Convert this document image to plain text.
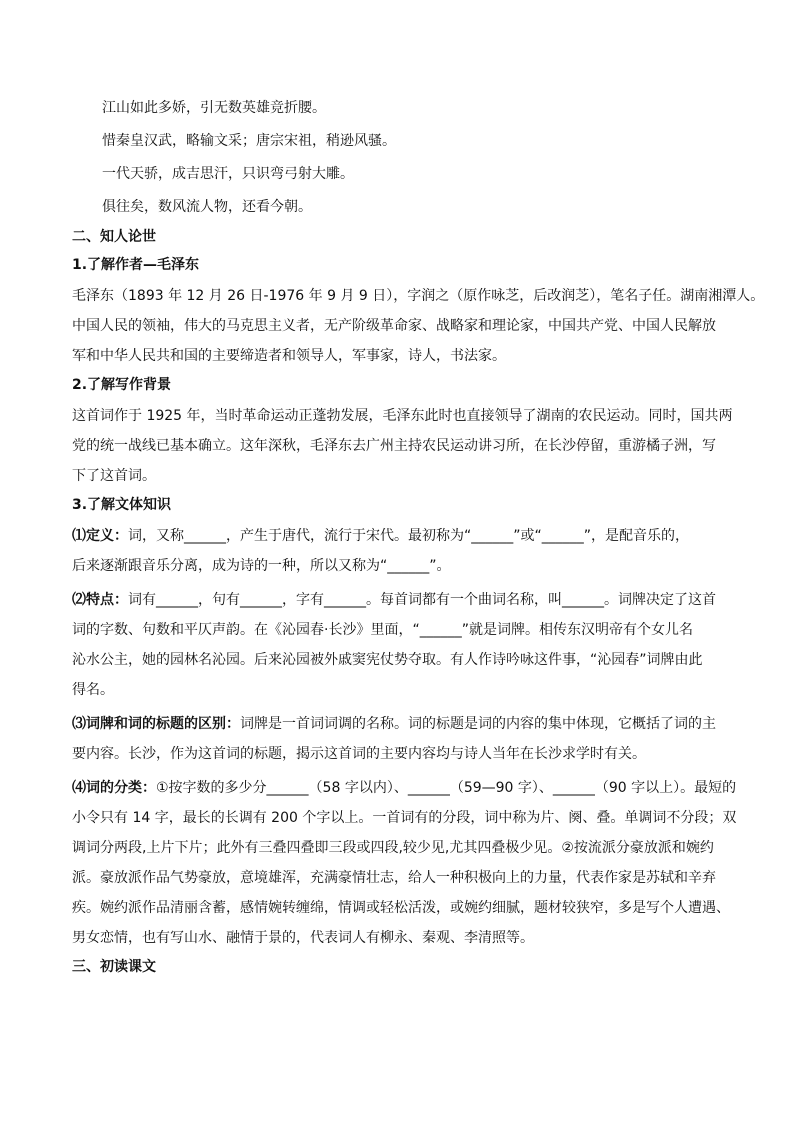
江山如此多娇，引无数英雄竞折腰。

惜秦皇汉武，略输文采；唐宗宋祖，稍逊风骚。

一代天骄，成吉思汗，只识弯弓射大雕。

俱往矣，数风流人物，还看今朝。

二、知人论世
1.了解作者—毛泽东

毛泽东（1893 年 12 月 26 日-1976 年 9 月 9 日），字润之（原作咏芝，后改润芝），笔名子任。湖南湘潭人。
中国人民的领袖，伟大的马克思主义者，无产阶级革命家、战略家和理论家，中国共产党、中国人民解放
军和中华人民共和国的主要缔造者和领导人，军事家，诗人，书法家。

2.了解写作背景

这首词作于 1925 年，当时革命运动正蓬勃发展，毛泽东此时也直接领导了湖南的农民运动。同时，国共两
党的统一战线已基本确立。这年深秋，毛泽东去广州主持农民运动讲习所，在长沙停留，重游橘子洲，写
下了这首词。

3.了解文体知识

⑴定义：词，又称______，产生于唐代，流行于宋代。最初称为“______”或“______”，是配音乐的，
后来逐渐跟音乐分离，成为诗的一种，所以又称为“______”。

⑵特点：词有______，句有______，字有______。每首词都有一个曲词名称，叫______。词牌决定了这首
词的字数、句数和平仄声韵。在《沁园春·长沙》里面，“______”就是词牌。相传东汉明帝有个女儿名
沁水公主，她的园林名沁园。后来沁园被外戚窦宪仗势夺取。有人作诗吟咏这件事，“沁园春”词牌由此
得名。

⑶词牌和词的标题的区别：词牌是一首词词调的名称。词的标题是词的内容的集中体现，它概括了词的主
要内容。长沙，作为这首词的标题，揭示这首词的主要内容均与诗人当年在长沙求学时有关。

⑷词的分类：①按字数的多少分______（58 字以内）、______（59—90 字）、______（90 字以上）。最短的
小令只有 14 字，最长的长调有 200 个字以上。一首词有的分段，词中称为片、阕、叠。单调词不分段；双
调词分两段,上片下片；此外有三叠四叠即三段或四段,较少见,尤其四叠极少见。②按流派分豪放派和婉约
派。豪放派作品气势豪放，意境雄浑，充满豪情壮志，给人一种积极向上的力量，代表作家是苏轼和辛弃
疾。婉约派作品清丽含蓄，感情婉转缠绵，情调或轻松活泼，或婉约细腻，题材较狭窄，多是写个人遭遇、
男女恋情，也有写山水、融情于景的，代表词人有柳永、秦观、李清照等。

三、初读课文
